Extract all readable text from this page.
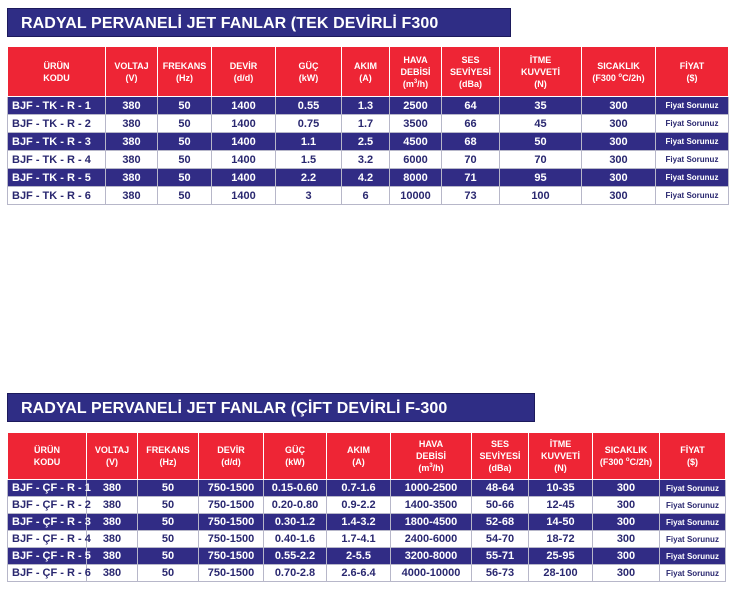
RADYAL PERVANELİ JET FANLAR (TEK DEVİRLİ F300
ÜRÜN
KODU	VOLTAJ
(V)	FREKANS
(Hz)	DEVİR
(d/d)	GÜÇ
(kW)	AKIM
(A)	HAVA
DEBİSİ
$(m^3/h)$	SES
SEVİYESİ
(dBa)	İTME
KUVVETİ
(N)	SICAKLIK
(F300 $^o$C/2h)	FİYAT
($)
BJF - TK - R - 1	380	50	1400	0.55	1.3	2500	64	35	300	Fiyat Sorunuz
BJF - TK - R - 2	380	50	1400	0.75	1.7	3500	66	45	300	Fiyat Sorunuz
BJF - TK - R - 3	380	50	1400	1.1	2.5	4500	68	50	300	Fiyat Sorunuz
BJF - TK - R - 4	380	50	1400	1.5	3.2	6000	70	70	300	Fiyat Sorunuz
BJF - TK - R - 5	380	50	1400	2.2	4.2	8000	71	95	300	Fiyat Sorunuz
BJF - TK - R - 6	380	50	1400	3	6	10000	73	100	300	Fiyat Sorunuz
RADYAL PERVANELİ JET FANLAR (ÇİFT DEVİRLİ F-300
ÜRÜN
KODU	VOLTAJ
(V)	FREKANS
(Hz)	DEVİR
(d/d)	GÜÇ
(kW)	AKIM
(A)	HAVA
DEBİSİ
$(m^3/h)$	SES
SEVİYESİ
(dBa)	İTME
KUVVETİ
(N)	SICAKLIK
(F300 $^o$C/2h)	FİYAT
($)
BJF - ÇF - R - 1	380	50	750-1500	0.15-0.60	0.7-1.6	1000-2500	48-64	10-35	300	Fiyat Sorunuz
BJF - ÇF - R - 2	380	50	750-1500	0.20-0.80	0.9-2.2	1400-3500	50-66	12-45	300	Fiyat Sorunuz
BJF - ÇF - R - 3	380	50	750-1500	0.30-1.2	1.4-3.2	1800-4500	52-68	14-50	300	Fiyat Sorunuz
BJF - ÇF - R - 4	380	50	750-1500	0.40-1.6	1.7-4.1	2400-6000	54-70	18-72	300	Fiyat Sorunuz
BJF - ÇF - R - 5	380	50	750-1500	0.55-2.2	2-5.5	3200-8000	55-71	25-95	300	Fiyat Sorunuz
BJF - ÇF - R - 6	380	50	750-1500	0.70-2.8	2.6-6.4	4000-10000	56-73	28-100	300	Fiyat Sorunuz
